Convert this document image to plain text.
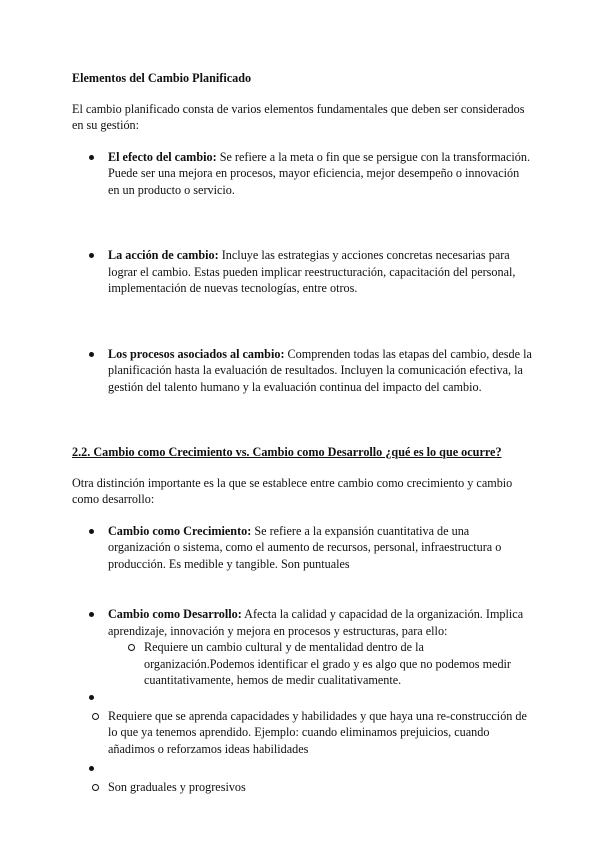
Elementos del Cambio Planificado

El cambio planificado consta de varios elementos fundamentales que deben ser considerados en su gestión:

El efecto del cambio: Se refiere a la meta o fin que se persigue con la transformación. Puede ser una mejora en procesos, mayor eficiencia, mejor desempeño o innovación en un producto o servicio.
La acción de cambio: Incluye las estrategias y acciones concretas necesarias para lograr el cambio. Estas pueden implicar reestructuración, capacitación del personal, implementación de nuevas tecnologías, entre otros.
Los procesos asociados al cambio: Comprenden todas las etapas del cambio, desde la planificación hasta la evaluación de resultados. Incluyen la comunicación efectiva, la gestión del talento humano y la evaluación continua del impacto del cambio.

2.2. Cambio como Crecimiento vs. Cambio como Desarrollo ¿qué es lo que ocurre?

Otra distinción importante es la que se establece entre cambio como crecimiento y cambio como desarrollo:

Cambio como Crecimiento: Se refiere a la expansión cuantitativa de una organización o sistema, como el aumento de recursos, personal, infraestructura o producción. Es medible y tangible. Son puntuales
Cambio como Desarrollo: Afecta la calidad y capacidad de la organización. Implica aprendizaje, innovación y mejora en procesos y estructuras, para ello:
Requiere un cambio cultural y de mentalidad dentro de la organización.Podemos identificar el grado y es algo que no podemos medir cuantitativamente, hemos de medir cualitativamente.
Requiere que se aprenda capacidades y habilidades y que haya una re-construcción de lo que ya tenemos aprendido. Ejemplo: cuando eliminamos prejuicios, cuando añadimos o reforzamos ideas habilidades
Son graduales y progresivos
